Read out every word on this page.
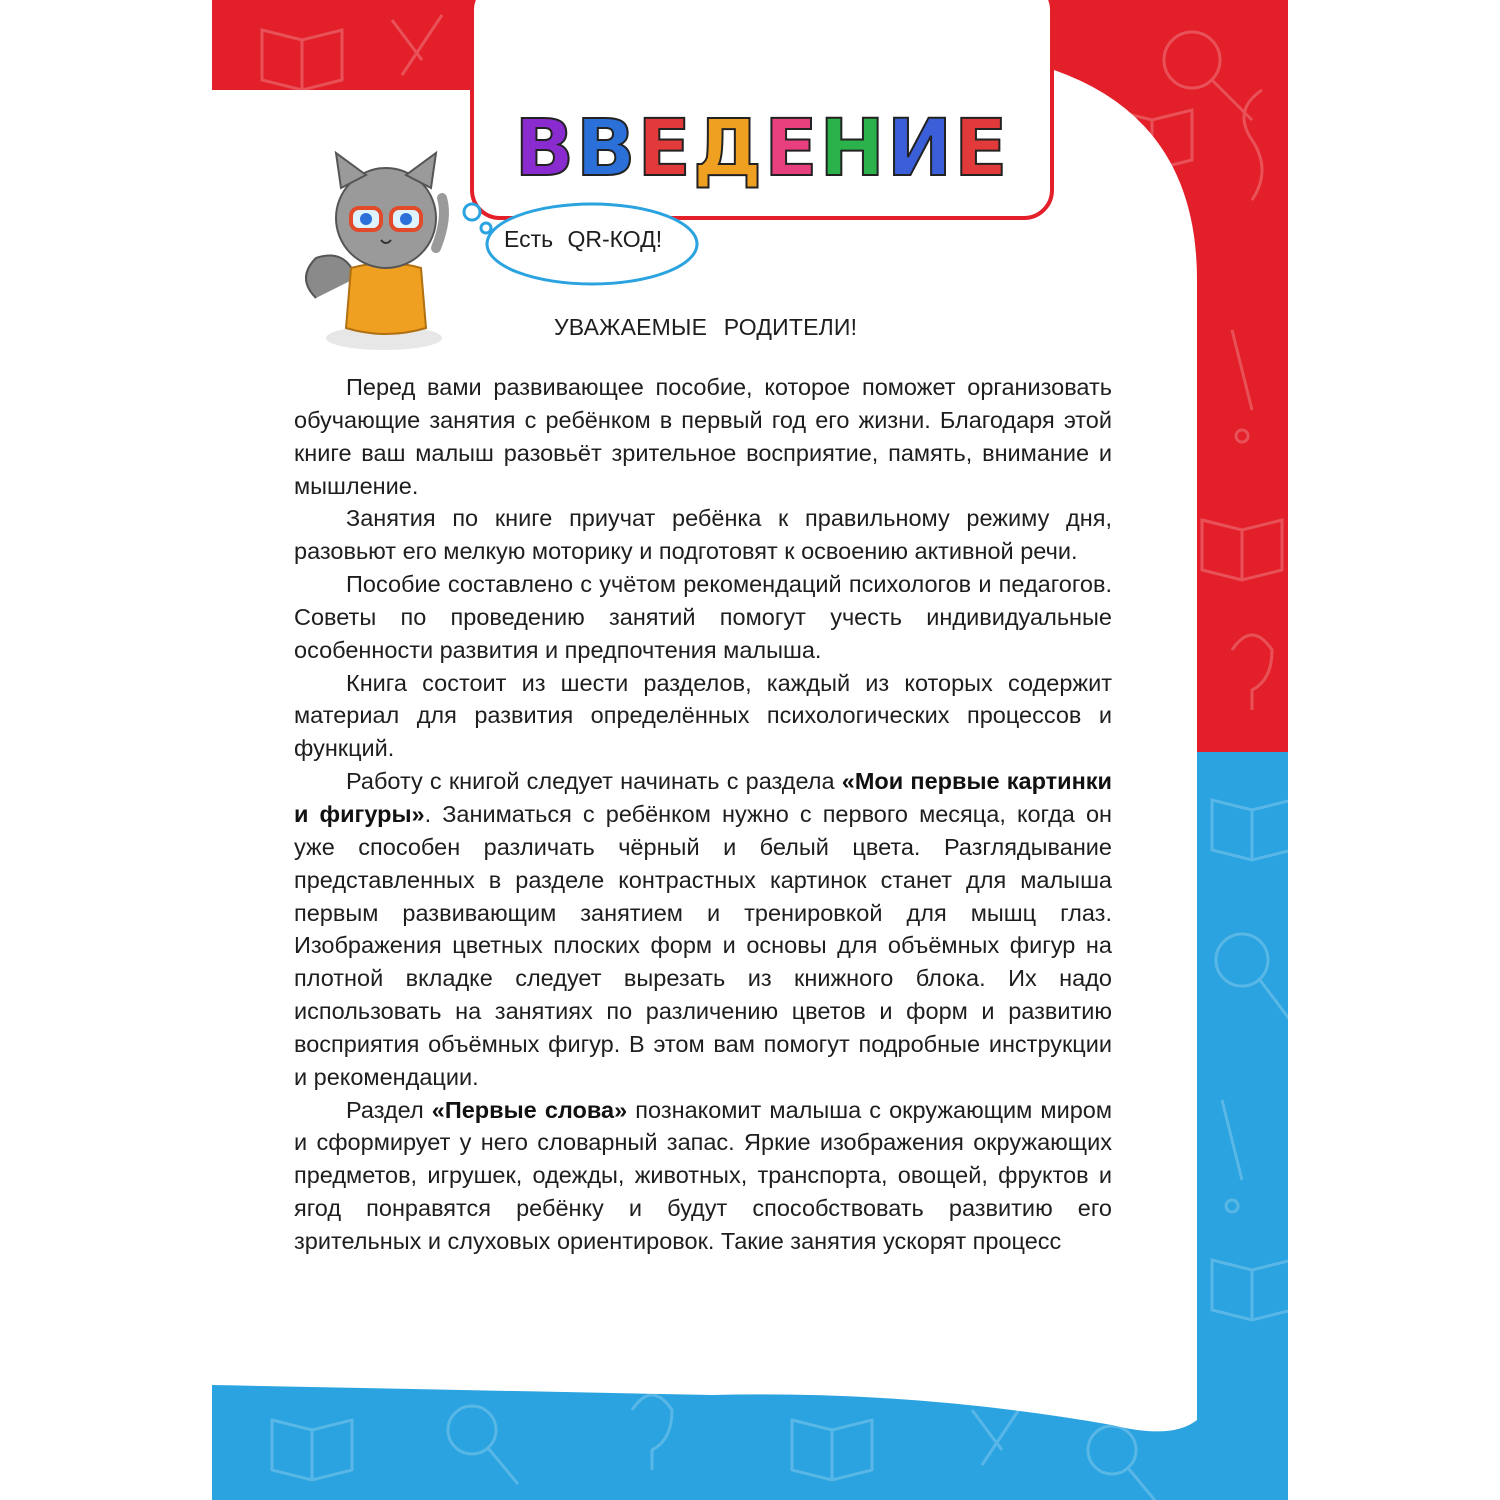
ВВЕДЕНИЕ
Есть QR-КОД!
УВАЖАЕМЫЕ РОДИТЕЛИ!

Перед вами развивающее пособие, которое поможет организовать обучающие занятия с ребёнком в первый год его жизни. Благодаря этой книге ваш малыш разовьёт зрительное восприятие, память, внимание и мышление.

Занятия по книге приучат ребёнка к правильному режиму дня, разовьют его мелкую моторику и подготовят к освоению активной речи.

Пособие составлено с учётом рекомендаций психологов и педагогов. Советы по проведению занятий помогут учесть индивидуальные особенности развития и предпочтения малыша.

Книга состоит из шести разделов, каждый из которых содержит материал для развития определённых психологических процессов и функций.

Работу с книгой следует начинать с раздела «Мои первые картинки и фигуры». Заниматься с ребёнком нужно с первого месяца, когда он уже способен различать чёрный и белый цвета. Разглядывание представленных в разделе контрастных картинок станет для малыша первым развивающим занятием и тренировкой для мышц глаз. Изображения цветных плоских форм и основы для объёмных фигур на плотной вкладке следует вырезать из книжного блока. Их надо использовать на занятиях по различению цветов и форм и развитию восприятия объёмных фигур. В этом вам помогут подробные инструкции и рекомендации.

Раздел «Первые слова» познакомит малыша с окружающим миром и сформирует у него словарный запас. Яркие изображения окружающих предметов, игрушек, одежды, животных, транспорта, овощей, фруктов и ягод понравятся ребёнку и будут способствовать развитию его зрительных и слуховых ориентировок. Такие занятия ускорят процесс

3
